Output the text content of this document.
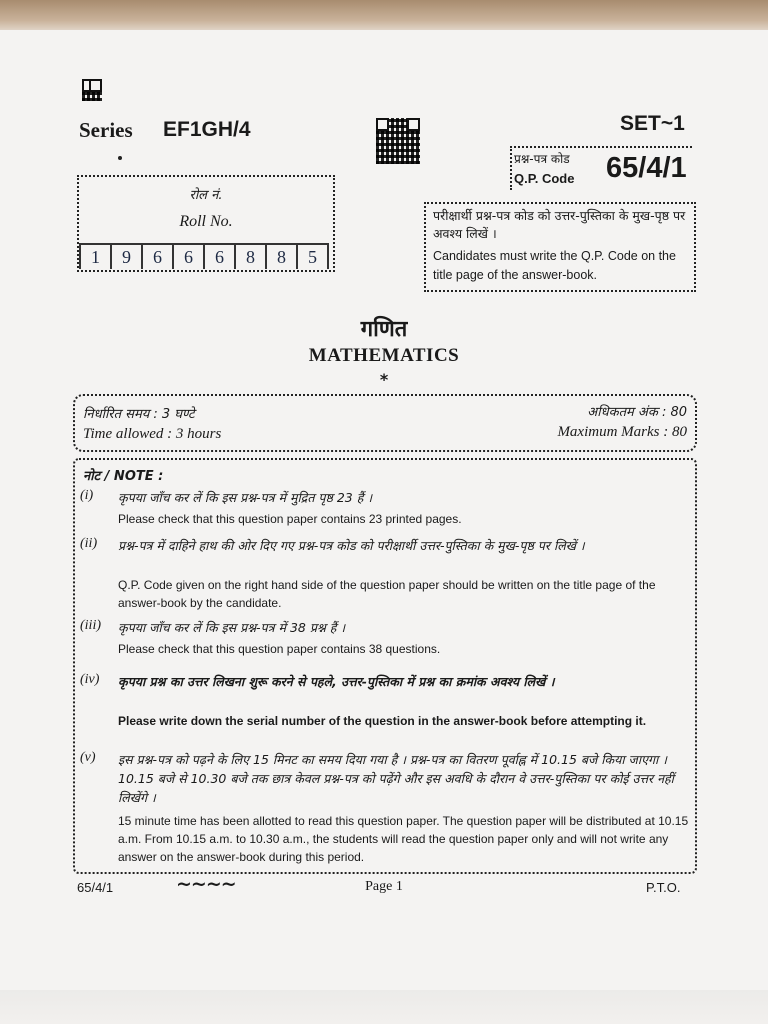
Series EF1GH/4	SET~1
प्रश्न-पत्र कोड
Q.P. Code 65/4/1
रोल नं.
Roll No.
1	9	6	6	6	8	8	5
परीक्षार्थी प्रश्न-पत्र कोड को उत्तर-पुस्तिका के मुख-पृष्ठ पर अवश्य लिखें ।
Candidates must write the Q.P. Code on the title page of the answer-book.
गणित
MATHEMATICS
*
निर्धारित समय : 3 घण्टे
Time allowed : 3 hours
अधिकतम अंक : 80
Maximum Marks : 80
नोट / NOTE :
(i) कृपया जाँच कर लें कि इस प्रश्न-पत्र में मुद्रित पृष्ठ 23 हैं ।
Please check that this question paper contains 23 printed pages.
(ii) प्रश्न-पत्र में दाहिने हाथ की ओर दिए गए प्रश्न-पत्र कोड को परीक्षार्थी उत्तर-पुस्तिका के मुख-पृष्ठ पर लिखें ।
Q.P. Code given on the right hand side of the question paper should be written on the title page of the answer-book by the candidate.
(iii) कृपया जाँच कर लें कि इस प्रश्न-पत्र में 38 प्रश्न हैं ।
Please check that this question paper contains 38 questions.
(iv) कृपया प्रश्न का उत्तर लिखना शुरू करने से पहले, उत्तर-पुस्तिका में प्रश्न का क्रमांक अवश्य लिखें ।
Please write down the serial number of the question in the answer-book before attempting it.
(v) इस प्रश्न-पत्र को पढ़ने के लिए 15 मिनट का समय दिया गया है । प्रश्न-पत्र का वितरण पूर्वाह्न में 10.15 बजे किया जाएगा । 10.15 बजे से 10.30 बजे तक छात्र केवल प्रश्न-पत्र को पढ़ेंगे और इस अवधि के दौरान वे उत्तर-पुस्तिका पर कोई उत्तर नहीं लिखेंगे ।
15 minute time has been allotted to read this question paper. The question paper will be distributed at 10.15 a.m. From 10.15 a.m. to 10.30 a.m., the students will read the question paper only and will not write any answer on the answer-book during this period.
65/4/1	~~~~	Page 1	P.T.O.
